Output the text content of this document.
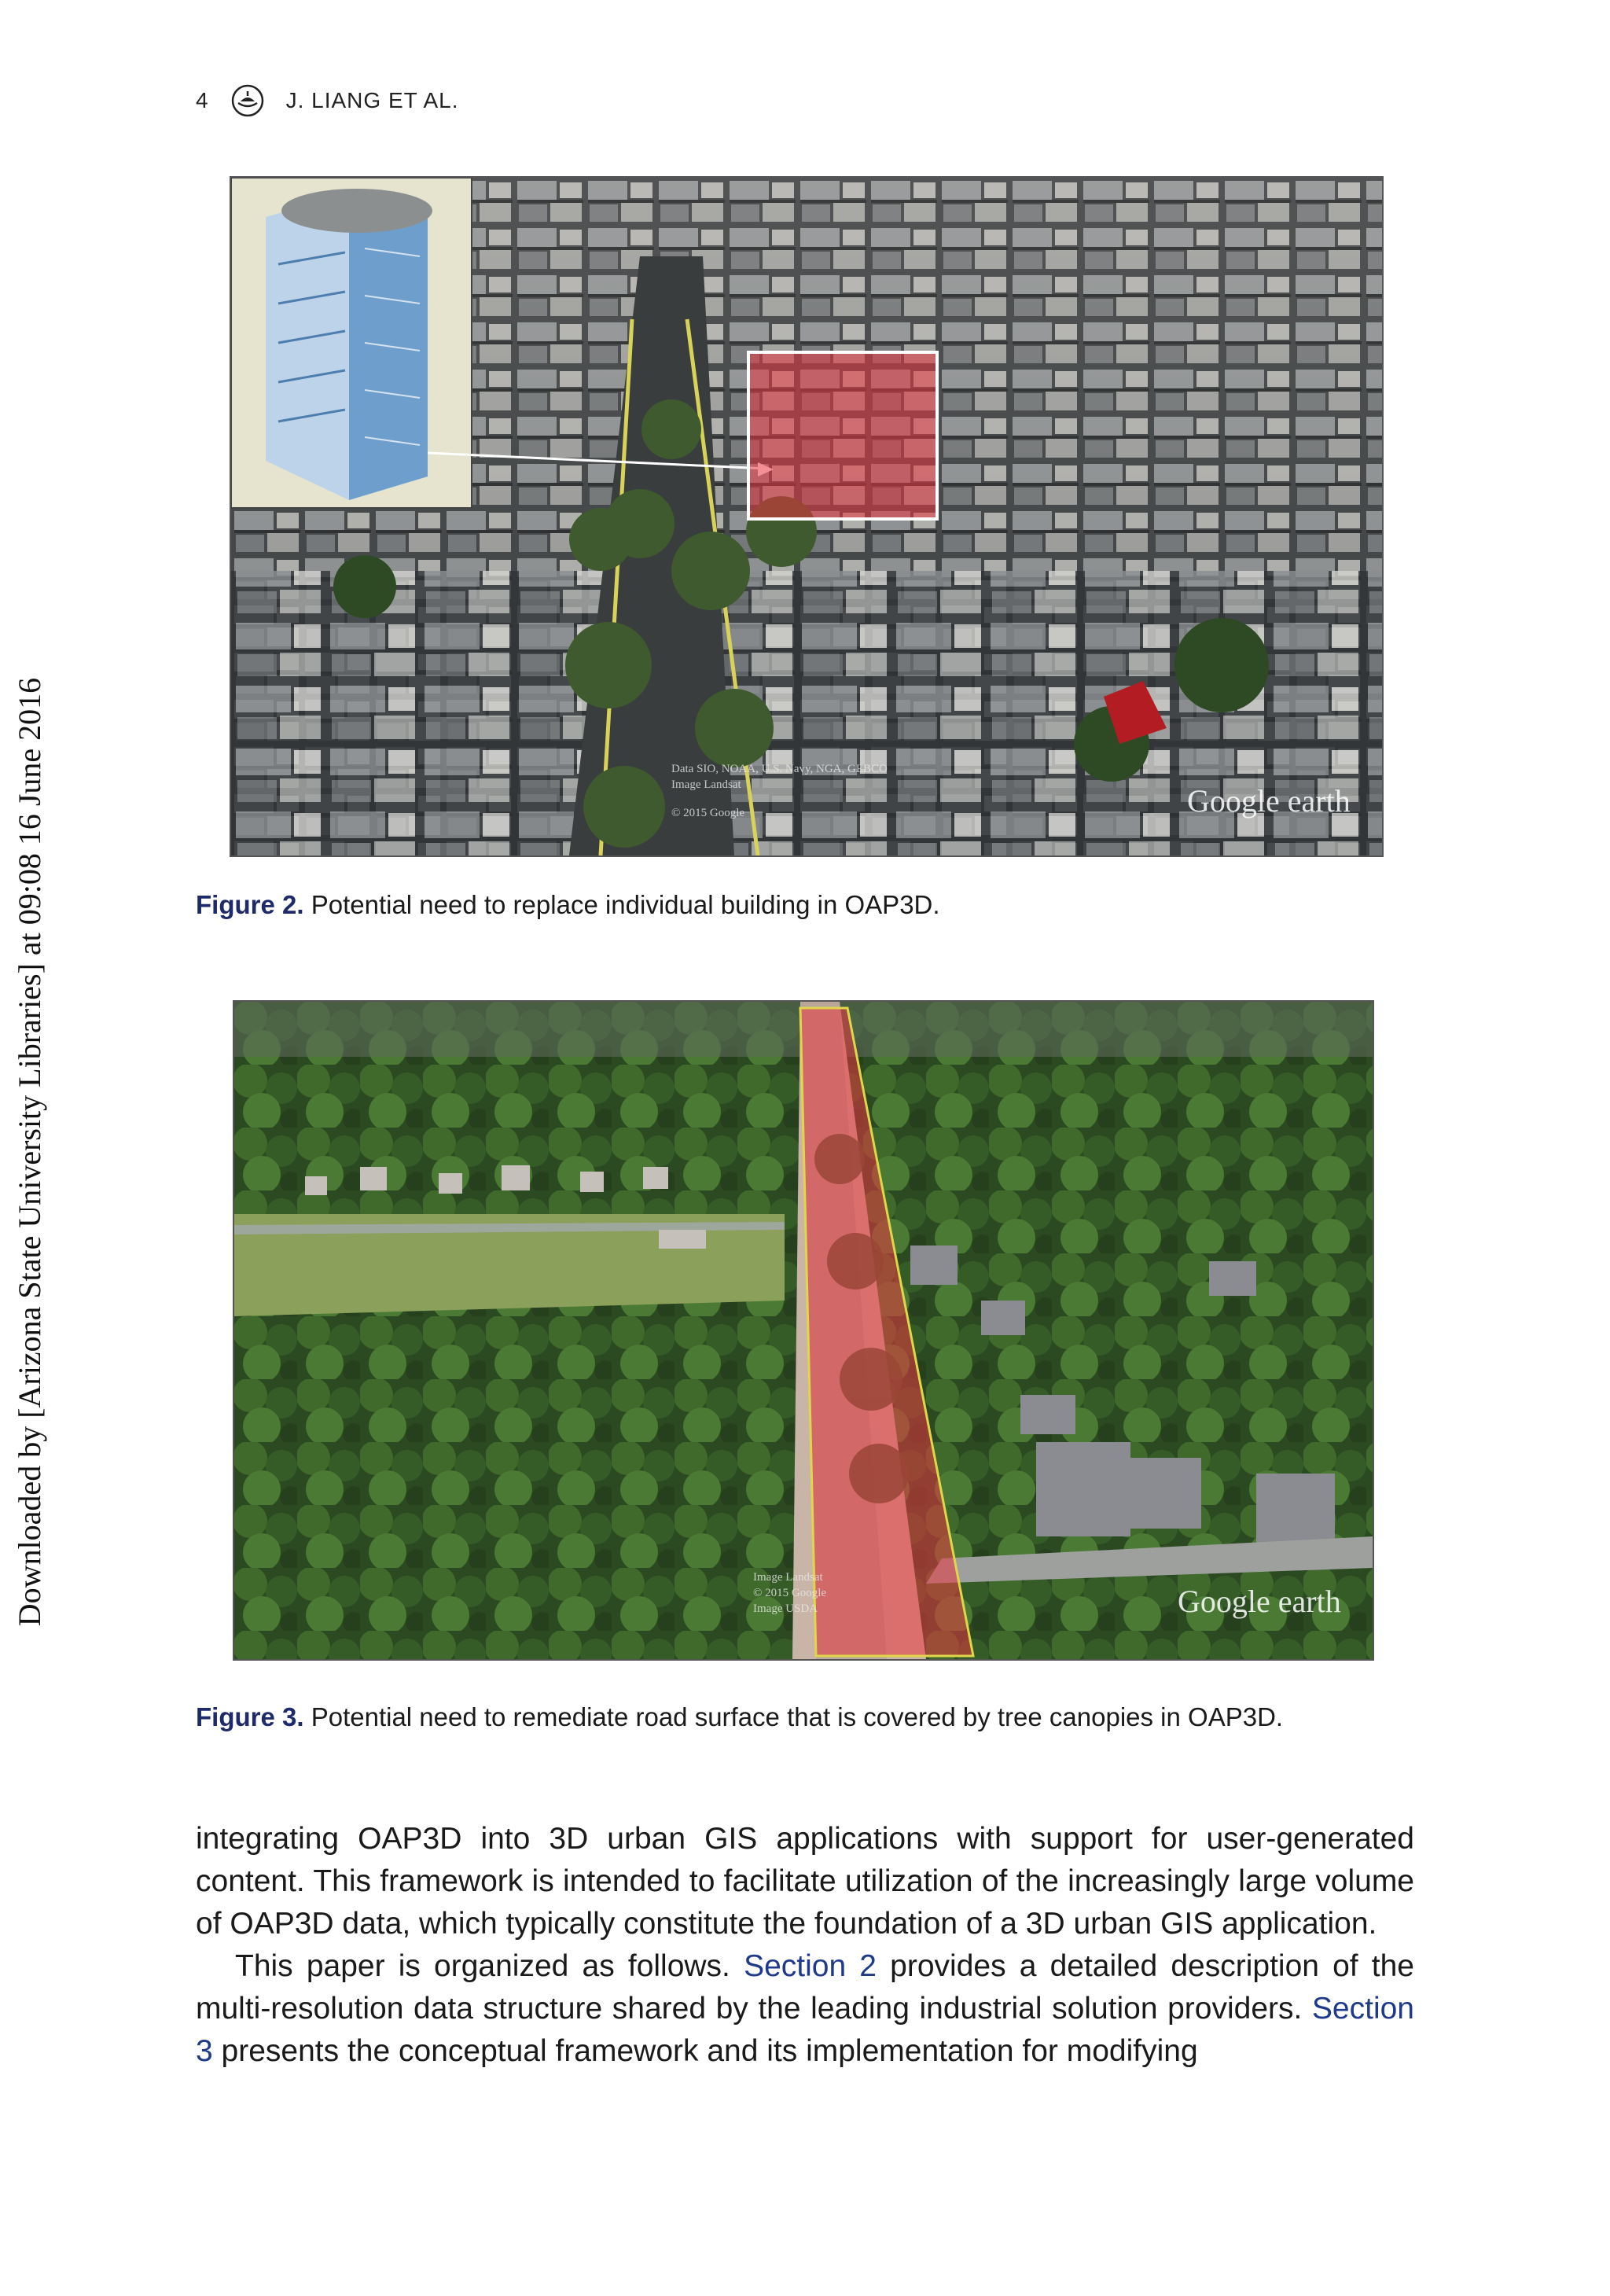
Downloaded by [Arizona State University Libraries] at 09:08 16 June 2016
4	J. LIANG ET AL.
Data SIO, NOAA, U.S. Navy, NGA, GEBCO
Image Landsat
© 2015 Google	Google earth
Figure 2. Potential need to replace individual building in OAP3D.
Image Landsat
© 2015 Google
Image USDA	Google earth
Figure 3. Potential need to remediate road surface that is covered by tree canopies in OAP3D.

integrating OAP3D into 3D urban GIS applications with support for user-generated content. This framework is intended to facilitate utilization of the increasingly large volume of OAP3D data, which typically constitute the foundation of a 3D urban GIS application.

This paper is organized as follows. Section 2 provides a detailed description of the multi-resolution data structure shared by the leading industrial solution providers. Section 3 presents the conceptual framework and its implementation for modifying
